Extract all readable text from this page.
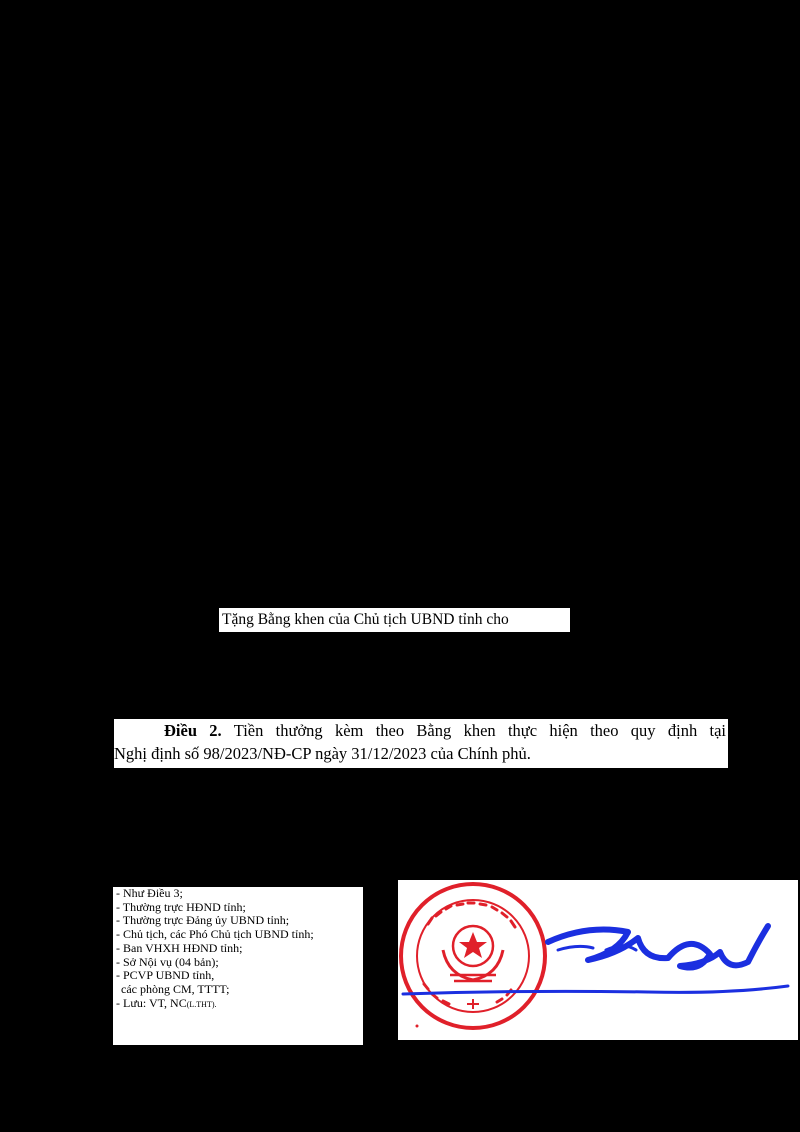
Tặng Bằng khen của Chủ tịch UBND tỉnh cho
Điều 2. Tiền thưởng kèm theo Bằng khen thực hiện theo quy định tại
Nghị định số 98/2023/NĐ-CP ngày 31/12/2023 của Chính phủ.
- Như Điều 3;
- Thường trực HĐND tỉnh;
- Thường trực Đảng ủy UBND tỉnh;
- Chủ tịch, các Phó Chủ tịch UBND tỉnh;
- Ban VHXH HĐND tỉnh;
- Sở Nội vụ (04 bản);
- PCVP UBND tỉnh,
các phòng CM, TTTT;
- Lưu: VT, NC(L.THT).
